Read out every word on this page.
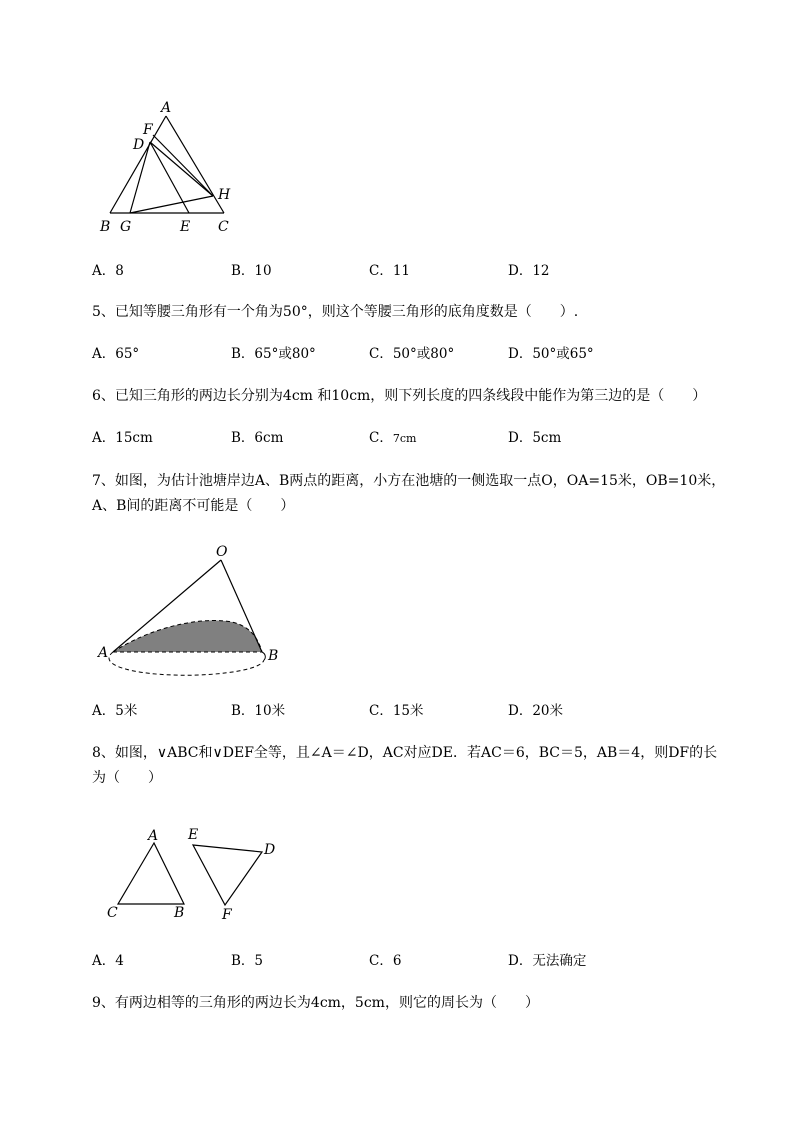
A
F
D
H
B G	E C
A．8	B．10	C．11	D．12
5、已知等腰三角形有一个角为50°，则这个等腰三角形的底角度数是（　　）.
A．65°	B．65°或80°	C．50°或80°	D．50°或65°
6、已知三角形的两边长分别为4cm 和10cm，则下列长度的四条线段中能作为第三边的是（　　）
A．15cm	B．6cm	C．7cm	D．5cm
7、如图，为估计池塘岸边A、B两点的距离，小方在池塘的一侧选取一点O，OA=15米，OB=10米，
A、B间的距离不可能是（　　）
O
A	B
A．5米	B．10米	C．15米	D．20米
8、如图，∨ABC和∨DEF全等，且∠A＝∠D，AC对应DE．若AC＝6，BC＝5，AB＝4，则DF的长
为（　　）
A
C	B
E
D
F
A．4	B．5	C．6	D．无法确定
9、有两边相等的三角形的两边长为4cm，5cm，则它的周长为（　　）
